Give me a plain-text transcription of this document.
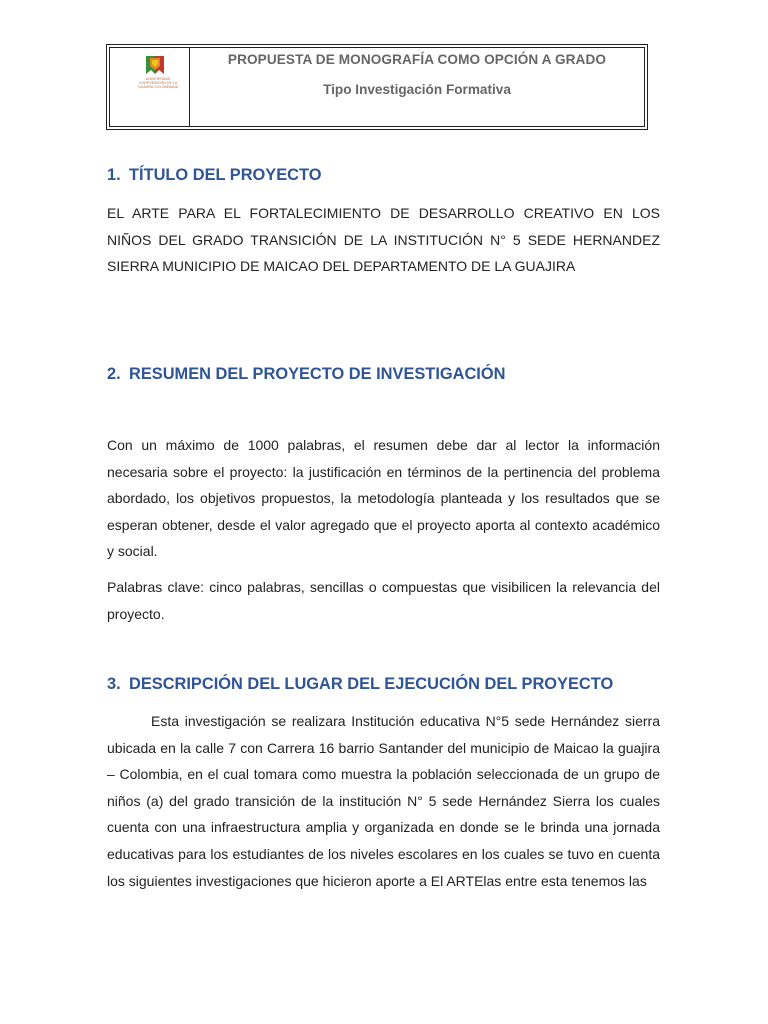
UNIVERSIDAD CORPORACIÓN DE LA GUAJIRA COLOMBIANA
PROPUESTA DE MONOGRAFÍA COMO OPCIÓN A GRADO
Tipo Investigación Formativa
1. TÍTULO DEL PROYECTO

EL ARTE PARA EL FORTALECIMIENTO DE DESARROLLO CREATIVO EN LOS NIÑOS DEL GRADO TRANSICIÓN DE LA INSTITUCIÓN N° 5 SEDE HERNANDEZ SIERRA MUNICIPIO DE MAICAO DEL DEPARTAMENTO DE LA GUAJIRA

2. RESUMEN DEL PROYECTO DE INVESTIGACIÓN

Con un máximo de 1000 palabras, el resumen debe dar al lector la información necesaria sobre el proyecto: la justificación en términos de la pertinencia del problema abordado, los objetivos propuestos, la metodología planteada y los resultados que se esperan obtener, desde el valor agregado que el proyecto aporta al contexto académico y social.

Palabras clave: cinco palabras, sencillas o compuestas que visibilicen la relevancia del proyecto.

3. DESCRIPCIÓN DEL LUGAR DEL EJECUCIÓN DEL PROYECTO

Esta investigación se realizara Institución educativa N°5 sede Hernández sierra ubicada en la calle 7 con Carrera 16 barrio Santander del municipio de Maicao la guajira – Colombia, en el cual tomara como muestra la población seleccionada de un grupo de niños (a) del grado transición de la institución N° 5 sede Hernández Sierra los cuales cuenta con una infraestructura amplia y organizada en donde se le brinda una jornada educativas para los estudiantes de los niveles escolares en los cuales se tuvo en cuenta los siguientes investigaciones que hicieron aporte a El ARTElas entre esta tenemos las
